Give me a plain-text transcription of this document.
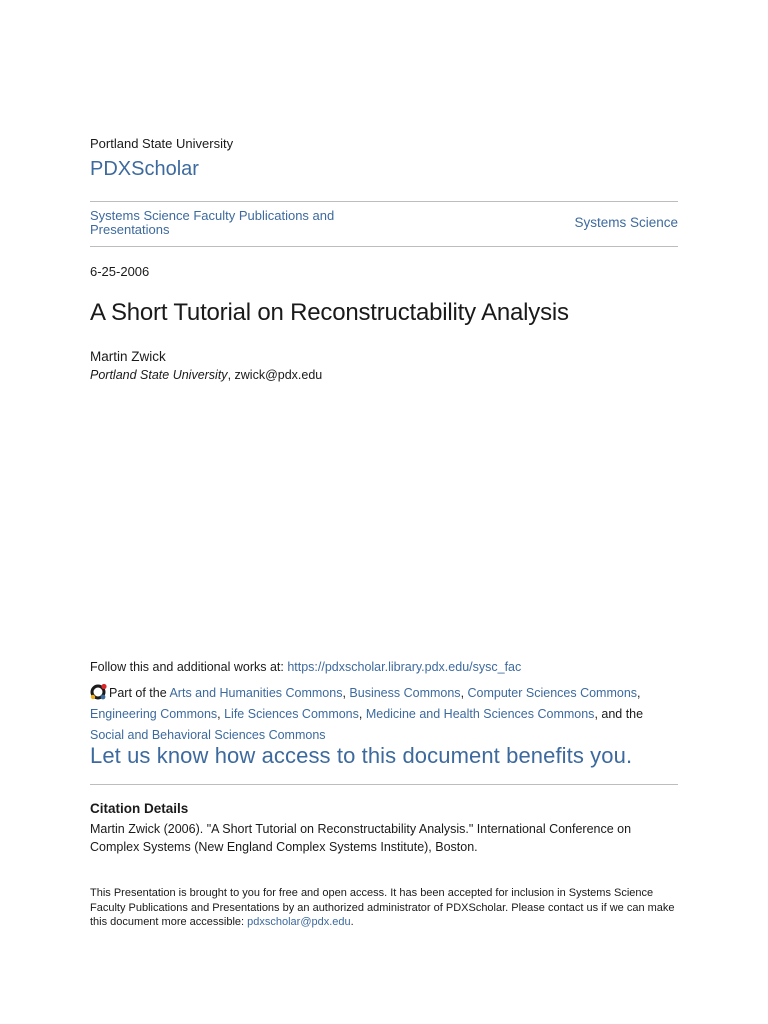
Portland State University
PDXScholar
Systems Science Faculty Publications and Presentations	Systems Science
6-25-2006
A Short Tutorial on Reconstructability Analysis
Martin Zwick
Portland State University, zwick@pdx.edu
Follow this and additional works at: https://pdxscholar.library.pdx.edu/sysc_fac
Part of the Arts and Humanities Commons, Business Commons, Computer Sciences Commons, Engineering Commons, Life Sciences Commons, Medicine and Health Sciences Commons, and the Social and Behavioral Sciences Commons
Let us know how access to this document benefits you.
Citation Details
Martin Zwick (2006). "A Short Tutorial on Reconstructability Analysis." International Conference on Complex Systems (New England Complex Systems Institute), Boston.
This Presentation is brought to you for free and open access. It has been accepted for inclusion in Systems Science Faculty Publications and Presentations by an authorized administrator of PDXScholar. Please contact us if we can make this document more accessible: pdxscholar@pdx.edu.
